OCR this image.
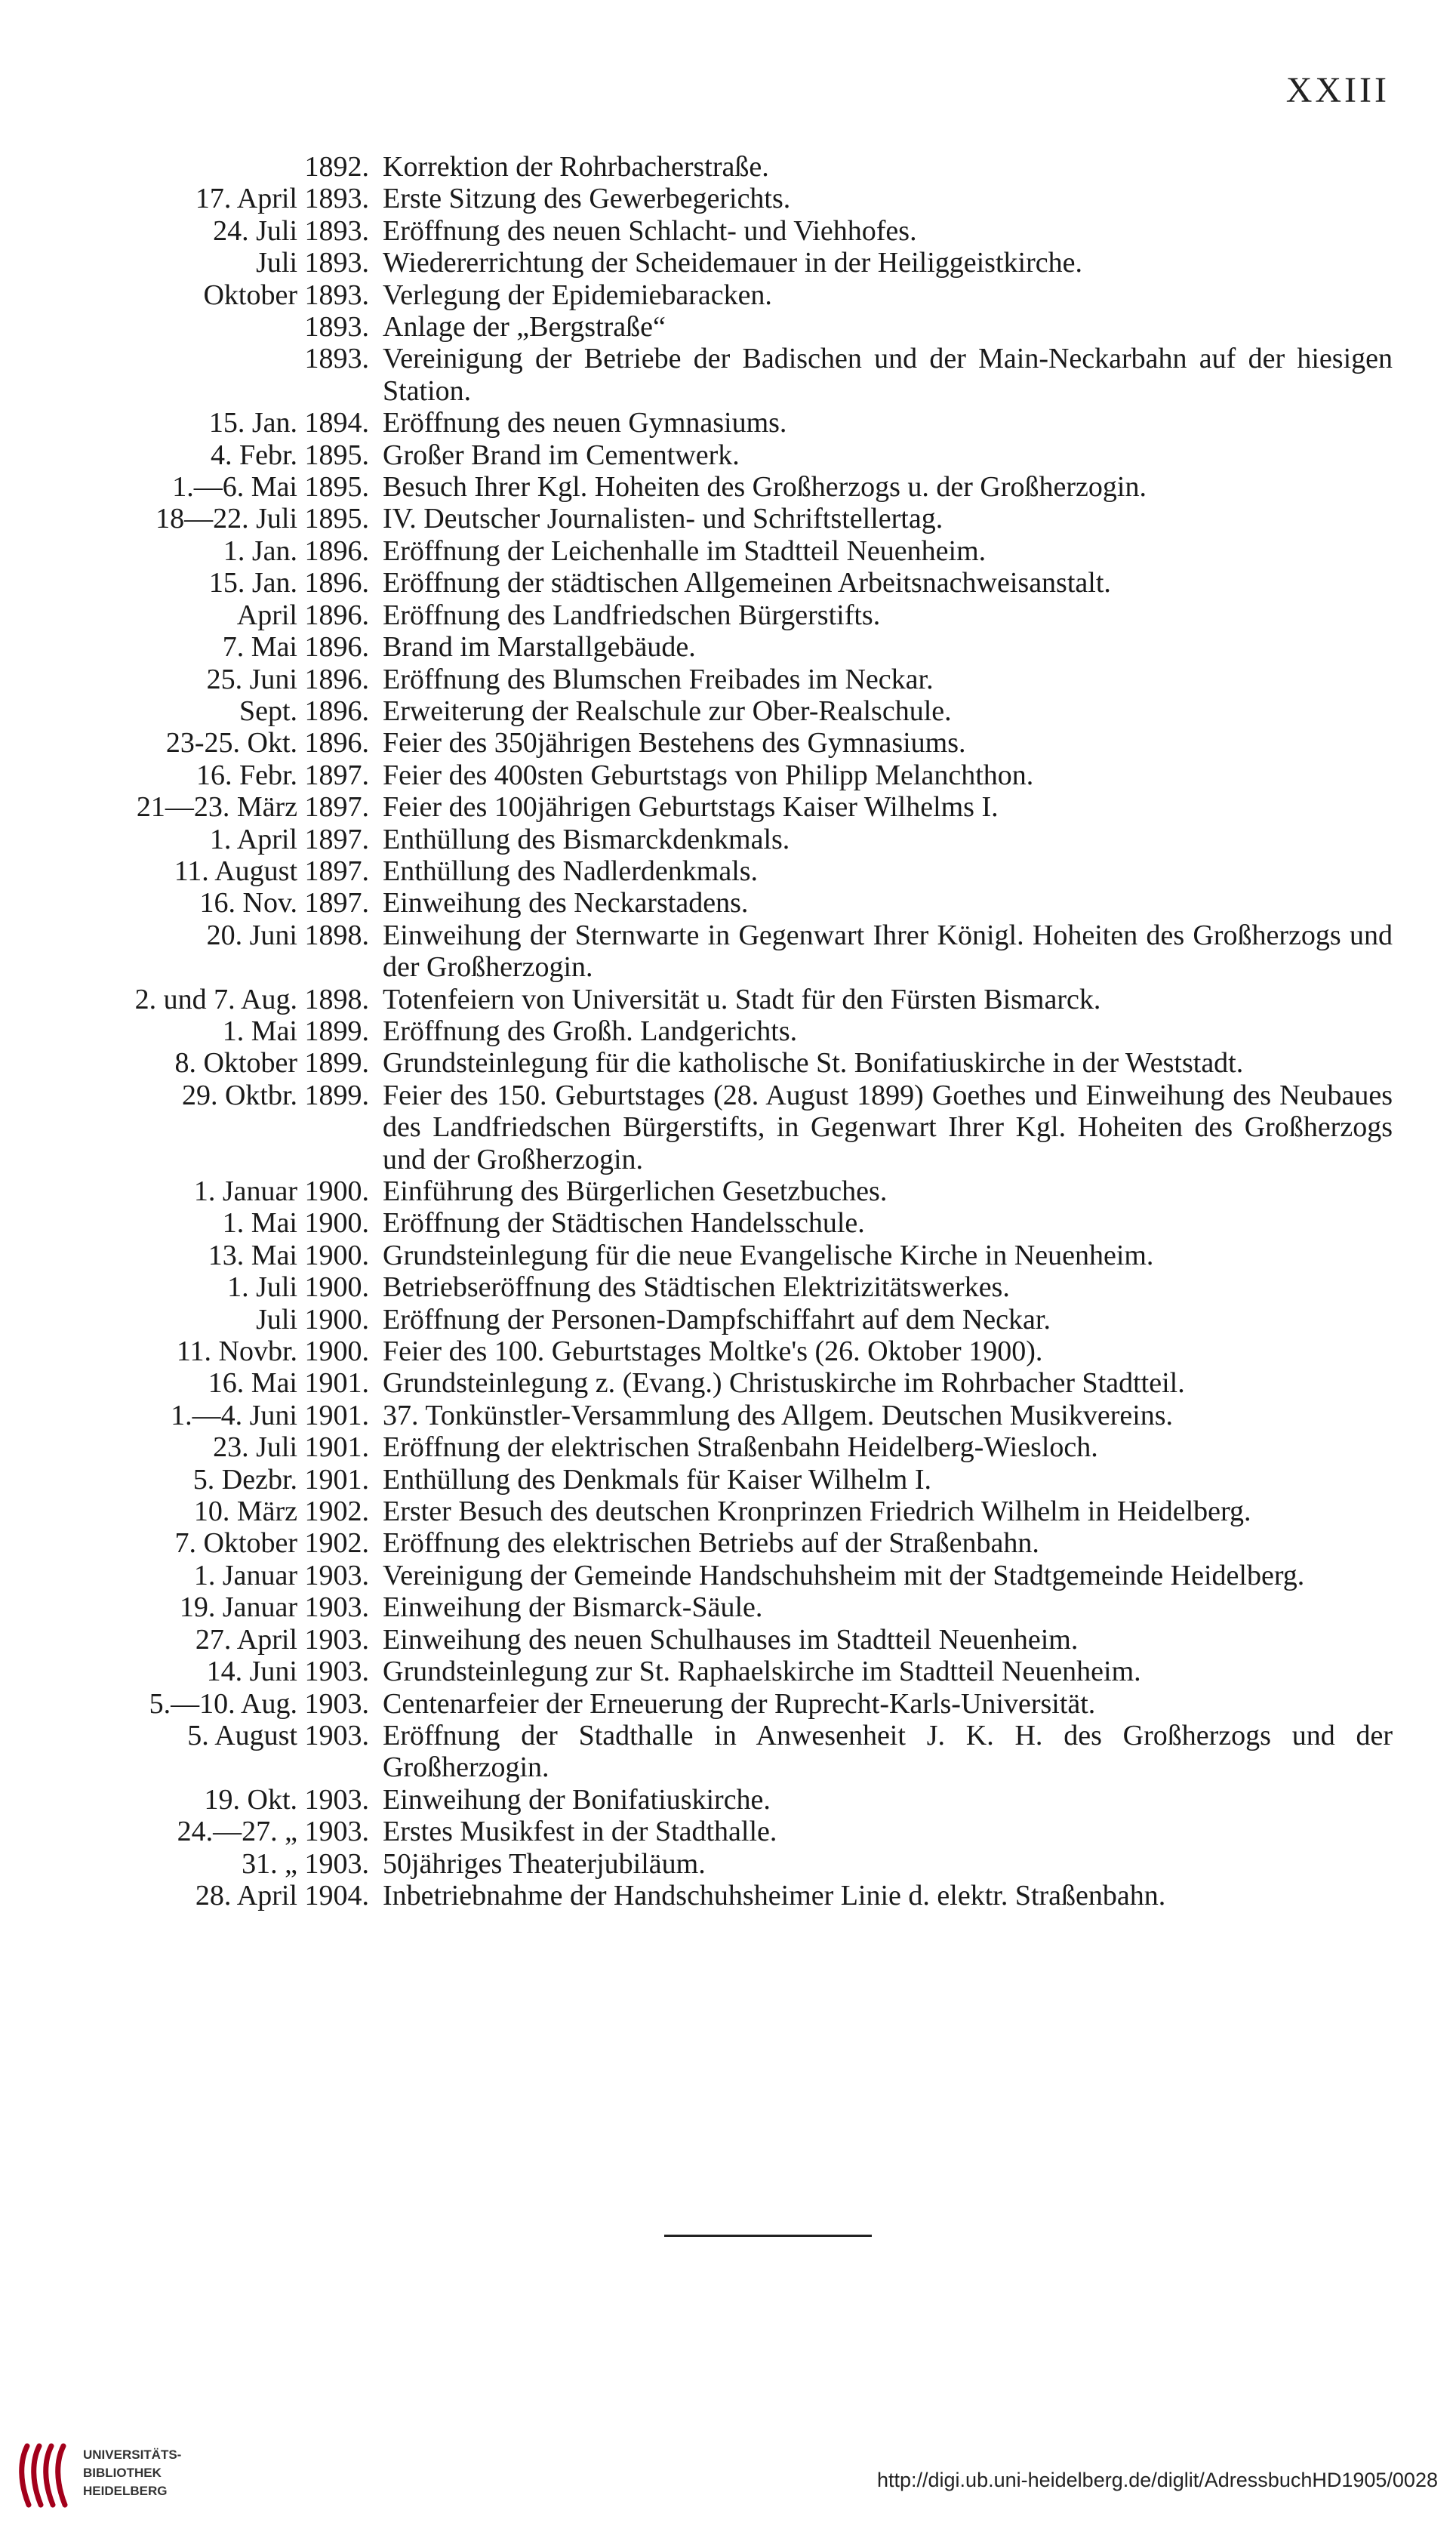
XXIII
1892. Korrektion der Rohrbacherstraße.
17. April 1893. Erste Sitzung des Gewerbegerichts.
24. Juli 1893. Eröffnung des neuen Schlacht- und Viehhofes.
Juli 1893. Wiedererrichtung der Scheidemauer in der Heiliggeistkirche.
Oktober 1893. Verlegung der Epidemiebaracken.
1893. Anlage der „Bergstraße“
1893. Vereinigung der Betriebe der Badischen und der Main-Neckarbahn auf der hiesigen Station.
15. Jan. 1894. Eröffnung des neuen Gymnasiums.
4. Febr. 1895. Großer Brand im Cementwerk.
1.—6. Mai 1895. Besuch Ihrer Kgl. Hoheiten des Großherzogs u. der Großherzogin.
18—22. Juli 1895. IV. Deutscher Journalisten- und Schriftstellertag.
1. Jan. 1896. Eröffnung der Leichenhalle im Stadtteil Neuenheim.
15. Jan. 1896. Eröffnung der städtischen Allgemeinen Arbeitsnachweisanstalt.
April 1896. Eröffnung des Landfriedschen Bürgerstifts.
7. Mai 1896. Brand im Marstallgebäude.
25. Juni 1896. Eröffnung des Blumschen Freibades im Neckar.
Sept. 1896. Erweiterung der Realschule zur Ober-Realschule.
23-25. Okt. 1896. Feier des 350jährigen Bestehens des Gymnasiums.
16. Febr. 1897. Feier des 400sten Geburtstags von Philipp Melanchthon.
21—23. März 1897. Feier des 100jährigen Geburtstags Kaiser Wilhelms I.
1. April 1897. Enthüllung des Bismarckdenkmals.
11. August 1897. Enthüllung des Nadlerdenkmals.
16. Nov. 1897. Einweihung des Neckarstadens.
20. Juni 1898. Einweihung der Sternwarte in Gegenwart Ihrer Königl. Hoheiten des Großherzogs und der Großherzogin.
2. und 7. Aug. 1898. Totenfeiern von Universität u. Stadt für den Fürsten Bismarck.
1. Mai 1899. Eröffnung des Großh. Landgerichts.
8. Oktober 1899. Grundsteinlegung für die katholische St. Bonifatiuskirche in der Weststadt.
29. Oktbr. 1899. Feier des 150. Geburtstages (28. August 1899) Goethes und Einweihung des Neubaues des Landfriedschen Bürgerstifts, in Gegenwart Ihrer Kgl. Hoheiten des Großherzogs und der Großherzogin.
1. Januar 1900. Einführung des Bürgerlichen Gesetzbuches.
1. Mai 1900. Eröffnung der Städtischen Handelsschule.
13. Mai 1900. Grundsteinlegung für die neue Evangelische Kirche in Neuenheim.
1. Juli 1900. Betriebseröffnung des Städtischen Elektrizitätswerkes.
Juli 1900. Eröffnung der Personen-Dampfschiffahrt auf dem Neckar.
11. Novbr. 1900. Feier des 100. Geburtstages Moltke's (26. Oktober 1900).
16. Mai 1901. Grundsteinlegung z. (Evang.) Christuskirche im Rohrbacher Stadtteil.
1.—4. Juni 1901. 37. Tonkünstler-Versammlung des Allgem. Deutschen Musikvereins.
23. Juli 1901. Eröffnung der elektrischen Straßenbahn Heidelberg-Wiesloch.
5. Dezbr. 1901. Enthüllung des Denkmals für Kaiser Wilhelm I.
10. März 1902. Erster Besuch des deutschen Kronprinzen Friedrich Wilhelm in Heidelberg.
7. Oktober 1902. Eröffnung des elektrischen Betriebs auf der Straßenbahn.
1. Januar 1903. Vereinigung der Gemeinde Handschuhsheim mit der Stadtgemeinde Heidelberg.
19. Januar 1903. Einweihung der Bismarck-Säule.
27. April 1903. Einweihung des neuen Schulhauses im Stadtteil Neuenheim.
14. Juni 1903. Grundsteinlegung zur St. Raphaelskirche im Stadtteil Neuenheim.
5.—10. Aug. 1903. Centenarfeier der Erneuerung der Ruprecht-Karls-Universität.
5. August 1903. Eröffnung der Stadthalle in Anwesenheit J. K. H. des Großherzogs und der Großherzogin.
19. Okt. 1903. Einweihung der Bonifatiuskirche.
24.—27. „ 1903. Erstes Musikfest in der Stadthalle.
31. „ 1903. 50jähriges Theaterjubiläum.
28. April 1904. Inbetriebnahme der Handschuhsheimer Linie d. elektr. Straßenbahn.
UNIVERSITÄTS-
BIBLIOTHEK
HEIDELBERG	http://digi.ub.uni-heidelberg.de/diglit/AdressbuchHD1905/0028
